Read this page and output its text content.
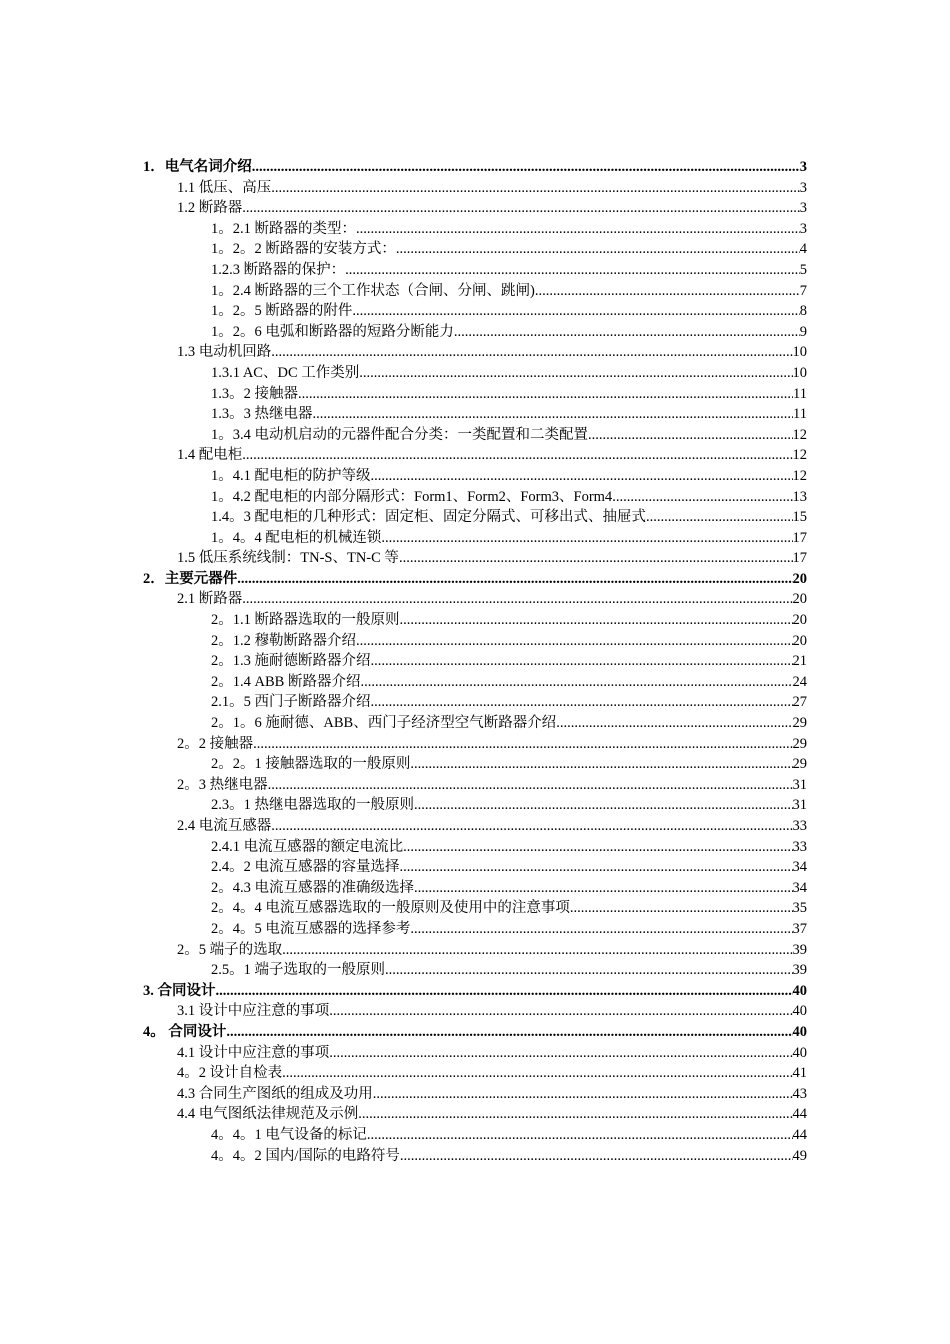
1．电气名词介绍 .....	3
1.1 低压、高压 .....	3
1.2 断路器 .....	3
1。2.1 断路器的类型： .....	3
1。2。2 断路器的安装方式： .....	4
1.2.3 断路器的保护： .....	5
1。2.4 断路器的三个工作状态（合闸、分闸、跳闸) .....	7
1。2。5 断路器的附件 .....	8
1。2。6 电弧和断路器的短路分断能力 .....	9
1.3 电动机回路 .....	10
1.3.1 AC、DC 工作类别 .....	10
1.3。2 接触器 .....	11
1.3。3 热继电器 .....	11
1。3.4 电动机启动的元器件配合分类：一类配置和二类配置 .....	12
1.4 配电柜 .....	12
1。4.1 配电柜的防护等级 .....	12
1。4.2 配电柜的内部分隔形式：Form1、Form2、Form3、Form4 .....	13
1.4。3 配电柜的几种形式：固定柜、固定分隔式、可移出式、抽屉式 .....	15
1。4。4 配电柜的机械连锁 .....	17
1.5 低压系统线制：TN-S、TN-C 等 .....	17
2．主要元器件 .....	20
2.1 断路器 .....	20
2。1.1 断路器选取的一般原则 .....	20
2。1.2 穆勒断路器介绍 .....	20
2。1.3 施耐德断路器介绍 .....	21
2。1.4 ABB 断路器介绍 .....	24
2.1。5 西门子断路器介绍 .....	27
2。1。6 施耐德、ABB、西门子经济型空气断路器介绍 .....	29
2。2 接触器 .....	29
2。2。1 接触器选取的一般原则 .....	29
2。3 热继电器 .....	31
2.3。1 热继电器选取的一般原则 .....	31
2.4 电流互感器 .....	33
2.4.1 电流互感器的额定电流比 .....	33
2.4。2 电流互感器的容量选择 .....	34
2。4.3 电流互感器的准确级选择 .....	34
2。4。4 电流互感器选取的一般原则及使用中的注意事项 .....	35
2。4。5 电流互感器的选择参考 .....	37
2。5 端子的选取 .....	39
2.5。1 端子选取的一般原则 .....	39
3. 合同设计 .....	40
3.1 设计中应注意的事项 .....	40
4。 合同设计 .....	40
4.1 设计中应注意的事项 .....	40
4。2 设计自检表 .....	41
4.3 合同生产图纸的组成及功用 .....	43
4.4 电气图纸法律规范及示例 .....	44
4。4。1 电气设备的标记 .....	44
4。4。2 国内/国际的电路符号 .....	49
